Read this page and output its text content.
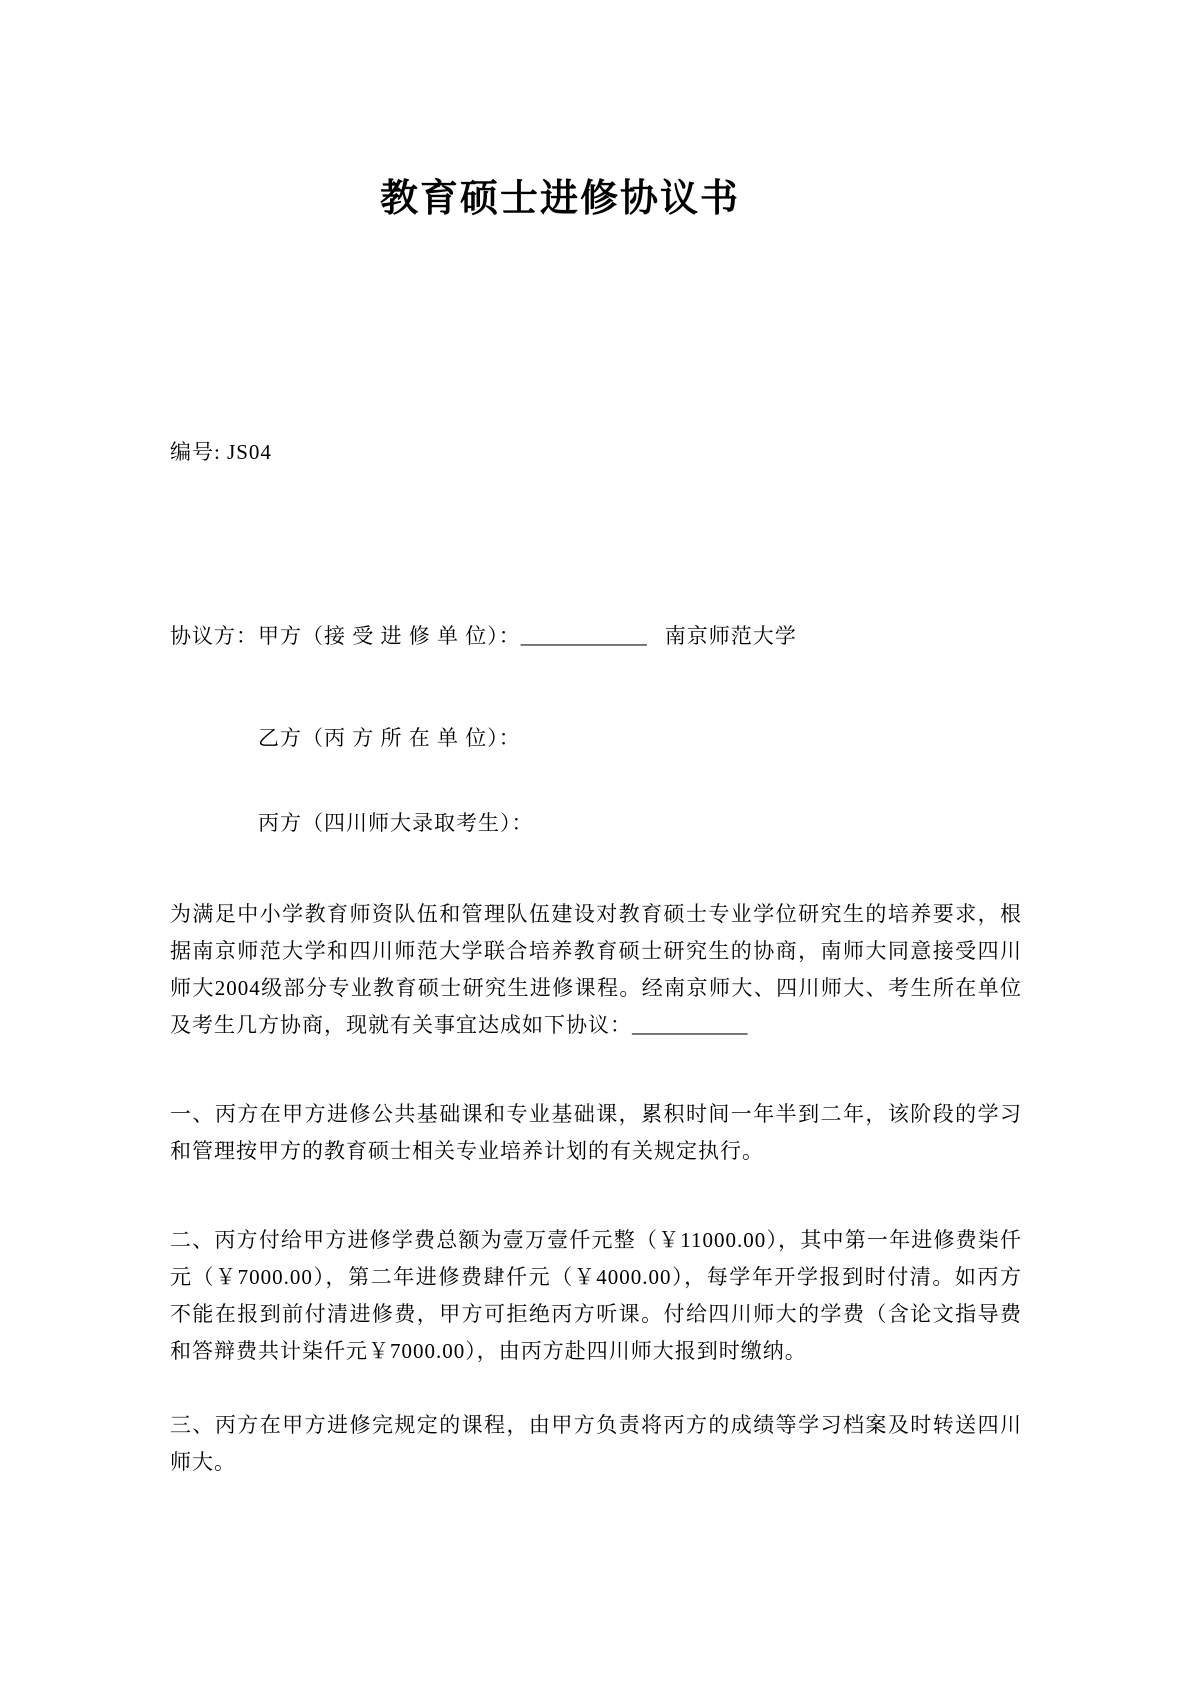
教育硕士进修协议书
编号: JS04
协议方：甲方（接 受 进 修 单 位）：____________ 南京师范大学
乙方（丙 方 所 在 单 位）：
丙方（四川师大录取考生）：
为满足中小学教育师资队伍和管理队伍建设对教育硕士专业学位研究生的培养要求，根据南京师范大学和四川师范大学联合培养教育硕士研究生的协商，南师大同意接受四川师大2004级部分专业教育硕士研究生进修课程。经南京师大、四川师大、考生所在单位及考生几方协商，现就有关事宜达成如下协议：___________
一、丙方在甲方进修公共基础课和专业基础课，累积时间一年半到二年，该阶段的学习和管理按甲方的教育硕士相关专业培养计划的有关规定执行。
二、丙方付给甲方进修学费总额为壹万壹仟元整（￥11000.00），其中第一年进修费柒仟元（￥7000.00），第二年进修费肆仟元（￥4000.00），每学年开学报到时付清。如丙方不能在报到前付清进修费，甲方可拒绝丙方听课。付给四川师大的学费（含论文指导费和答辩费共计柒仟元￥7000.00），由丙方赴四川师大报到时缴纳。
三、丙方在甲方进修完规定的课程，由甲方负责将丙方的成绩等学习档案及时转送四川师大。
